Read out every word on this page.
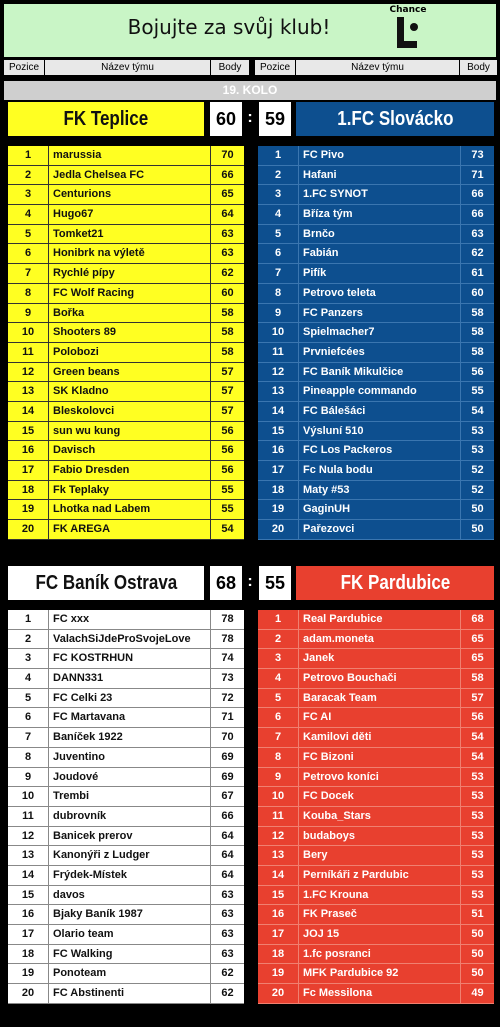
Bojujte za svůj klub!
Chance
Pozice	Název týmu	Body	Pozice	Název týmu	Body
19. KOLO
FK Teplice	60 : 59	1.FC Slovácko
1	marussia	70
2	Jedla Chelsea FC	66
3	Centurions	65
4	Hugo67	64
5	Tomket21	63
6	Honibrk na výletě	63
7	Rychlé pípy	62
8	FC Wolf Racing	60
9	Bořka	58
10	Shooters 89	58
11	Polobozi	58
12	Green beans	57
13	SK Kladno	57
14	Bleskolovci	57
15	sun wu kung	56
16	Davisch	56
17	Fabio Dresden	56
18	Fk Teplaky	55
19	Lhotka nad Labem	55
20	FK AREGA	54
1	FC Pivo	73
2	Hafani	71
3	1.FC SYNOT	66
4	Bříza tým	66
5	Brnčo	63
6	Fabián	62
7	Pifík	61
8	Petrovo teleta	60
9	FC Panzers	58
10	Spielmacher7	58
11	Prvniefcées	58
12	FC Baník Mikulčice	56
13	Pineapple commando	55
14	FC Bálešáci	54
15	Výsluní 510	53
16	FC Los Packeros	53
17	Fc Nula bodu	52
18	Maty #53	52
19	GaginUH	50
20	Pařezovci	50
FC Baník Ostrava	68 : 55	FK Pardubice
1	FC xxx	78
2	ValachSiJdeProSvojeLove	78
3	FC KOSTRHUN	74
4	DANN331	73
5	FC Celki 23	72
6	FC Martavana	71
7	Baníček 1922	70
8	Juventino	69
9	Joudové	69
10	Trembi	67
11	dubrovník	66
12	Banicek prerov	64
13	Kanonýři z Ludger	64
14	Frýdek-Místek	64
15	davos	63
16	Bjaky Baník 1987	63
17	Olario team	63
18	FC Walking	63
19	Ponoteam	62
20	FC Abstinenti	62
1	Real Pardubice	68
2	adam.moneta	65
3	Janek	65
4	Petrovo Bouchači	58
5	Baracak Team	57
6	FC AI	56
7	Kamilovi děti	54
8	FC Bizoni	54
9	Petrovo koníci	53
10	FC Docek	53
11	Kouba_Stars	53
12	budaboys	53
13	Bery	53
14	Perníkáři z Pardubic	53
15	1.FC Krouna	53
16	FK Praseč	51
17	JOJ 15	50
18	1.fc posranci	50
19	MFK Pardubice 92	50
20	Fc Messilona	49
